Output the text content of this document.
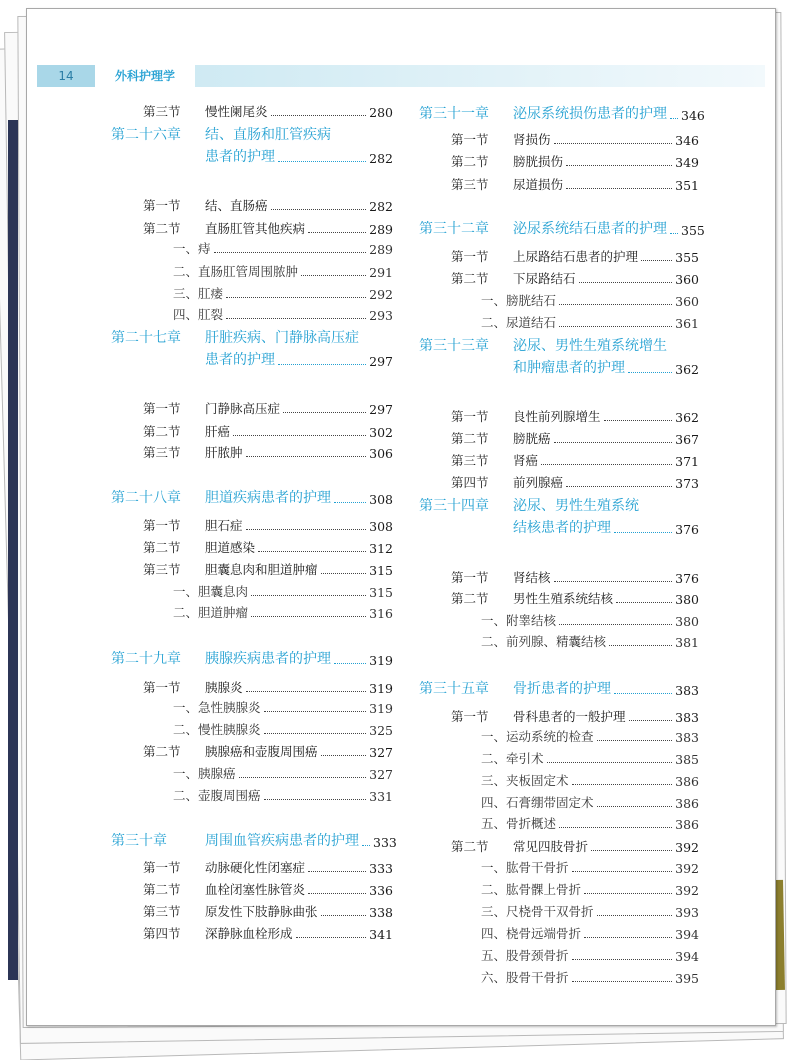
14	外科护理学
第三节 慢性阑尾炎	280
第二十六章 结、直肠和肛管疾病
患者的护理	282
第一节 结、直肠癌	282
第二节 直肠肛管其他疾病	289
一、痔	289
二、直肠肛管周围脓肿	291
三、肛瘘	292
四、肛裂	293
第二十七章 肝脏疾病、门静脉高压症
患者的护理	297
第一节 门静脉高压症	297
第二节 肝癌	302
第三节 肝脓肿	306
第二十八章 胆道疾病患者的护理	308
第一节 胆石症	308
第二节 胆道感染	312
第三节 胆囊息肉和胆道肿瘤	315
一、胆囊息肉	315
二、胆道肿瘤	316
第二十九章 胰腺疾病患者的护理	319
第一节 胰腺炎	319
一、急性胰腺炎	319
二、慢性胰腺炎	325
第二节 胰腺癌和壶腹周围癌	327
一、胰腺癌	327
二、壶腹周围癌	331
第三十章	周围血管疾病患者的护理 333
第一节 动脉硬化性闭塞症	333
第二节 血栓闭塞性脉管炎	336
第三节 原发性下肢静脉曲张	338
第四节 深静脉血栓形成	341
第三十一章 泌尿系统损伤患者的护理 346
第一节 肾损伤	346
第二节 膀胱损伤	349
第三节 尿道损伤	351
第三十二章 泌尿系统结石患者的护理 355
第一节 上尿路结石患者的护理	355
第二节 下尿路结石	360
一、膀胱结石	360
二、尿道结石	361
第三十三章 泌尿、男性生殖系统增生
和肿瘤患者的护理	362
第一节 良性前列腺增生	362
第二节 膀胱癌	367
第三节 肾癌	371
第四节 前列腺癌	373
第三十四章 泌尿、男性生殖系统
结核患者的护理	376
第一节 肾结核	376
第二节 男性生殖系统结核	380
一、附睾结核	380
二、前列腺、精囊结核	381
第三十五章 骨折患者的护理	383
第一节 骨科患者的一般护理	383
一、运动系统的检查	383
二、牵引术	385
三、夹板固定术	386
四、石膏绷带固定术	386
五、骨折概述	386
第二节 常见四肢骨折	392
一、肱骨干骨折	392
二、肱骨髁上骨折	392
三、尺桡骨干双骨折	393
四、桡骨远端骨折	394
五、股骨颈骨折	394
六、股骨干骨折	395
